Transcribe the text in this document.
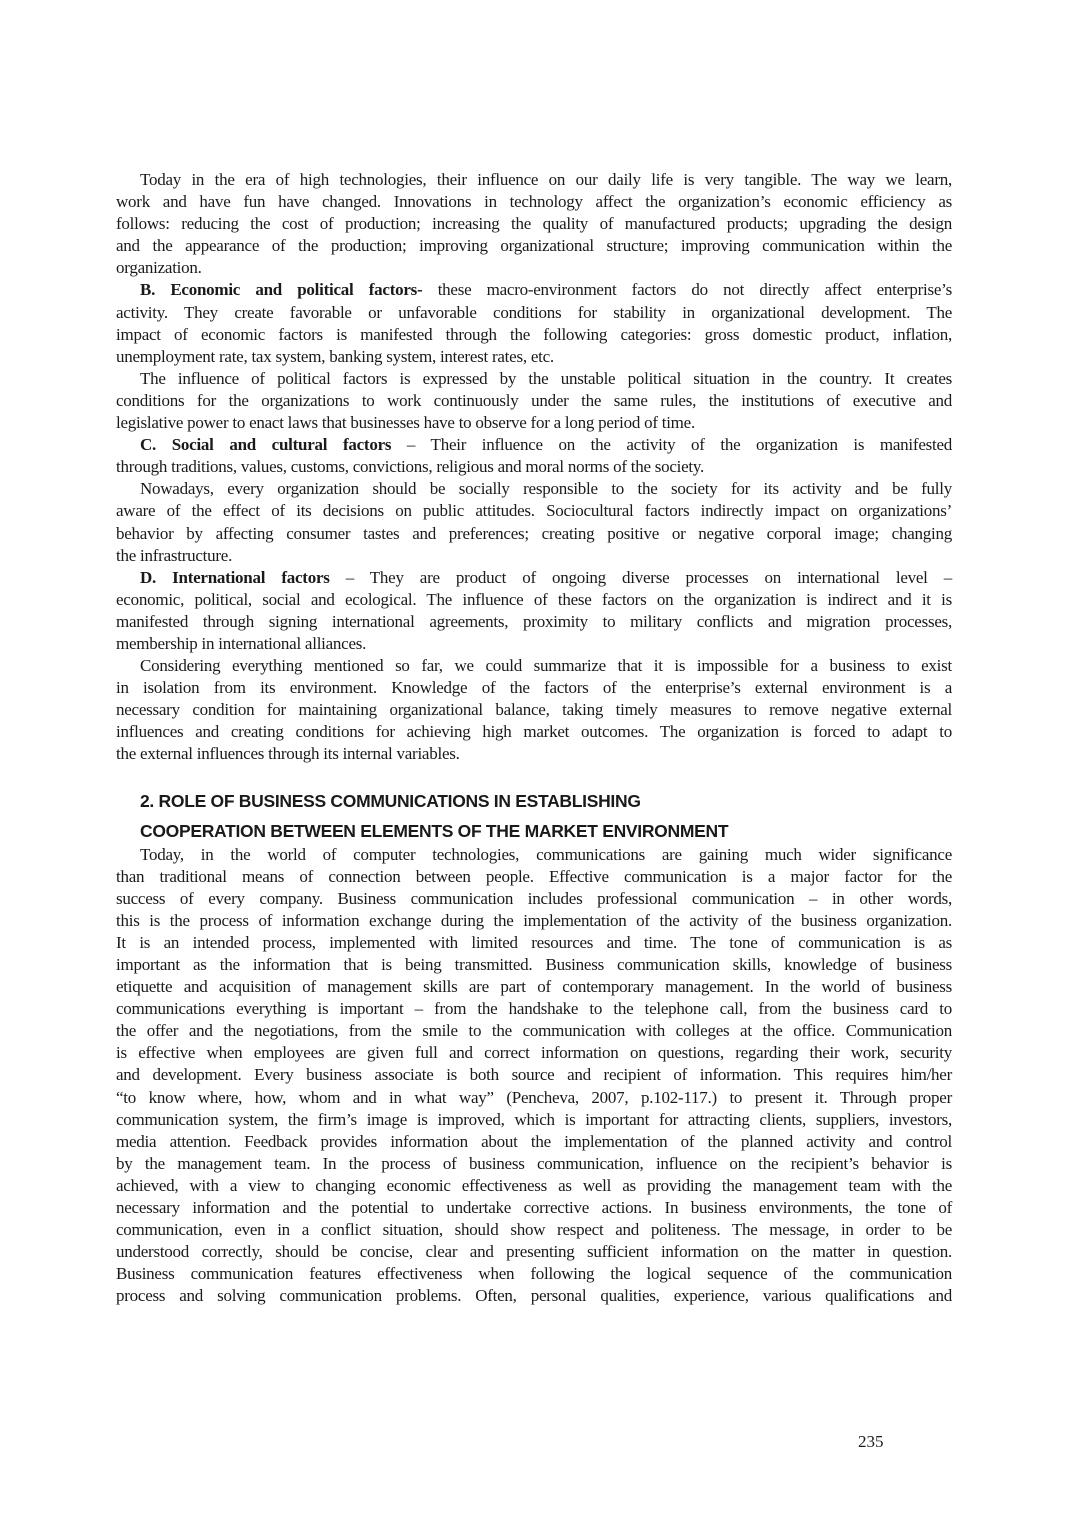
Today in the era of high technologies, their influence on our daily life is very tangible. The way we learn,
work and have fun have changed. Innovations in technology affect the organization’s economic efficiency as
follows: reducing the cost of production; increasing the quality of manufactured products; upgrading the design
and the appearance of the production; improving organizational structure; improving communication within the
organization.
B. Economic and political factors- these macro-environment factors do not directly affect enterprise’s
activity. They create favorable or unfavorable conditions for stability in organizational development. The
impact of economic factors is manifested through the following categories: gross domestic product, inflation,
unemployment rate, tax system, banking system, interest rates, etc.
The influence of political factors is expressed by the unstable political situation in the country. It creates
conditions for the organizations to work continuously under the same rules, the institutions of executive and
legislative power to enact laws that businesses have to observe for a long period of time.
C. Social and cultural factors – Their influence on the activity of the organization is manifested
through traditions, values, customs, convictions, religious and moral norms of the society.
Nowadays, every organization should be socially responsible to the society for its activity and be fully
aware of the effect of its decisions on public attitudes. Sociocultural factors indirectly impact on organizations’
behavior by affecting consumer tastes and preferences; creating positive or negative corporal image; changing
the infrastructure.
D. International factors – They are product of ongoing diverse processes on international level –
economic, political, social and ecological. The influence of these factors on the organization is indirect and it is
manifested through signing international agreements, proximity to military conflicts and migration processes,
membership in international alliances.
Considering everything mentioned so far, we could summarize that it is impossible for a business to exist
in isolation from its environment. Knowledge of the factors of the enterprise’s external environment is a
necessary condition for maintaining organizational balance, taking timely measures to remove negative external
influences and creating conditions for achieving high market outcomes. The organization is forced to adapt to
the external influences through its internal variables.
2. ROLE OF BUSINESS COMMUNICATIONS IN ESTABLISHING
COOPERATION BETWEEN ELEMENTS OF THE MARKET ENVIRONMENT
Today, in the world of computer technologies, communications are gaining much wider significance
than traditional means of connection between people. Effective communication is a major factor for the
success of every company. Business communication includes professional communication – in other words,
this is the process of information exchange during the implementation of the activity of the business organization.
It is an intended process, implemented with limited resources and time. The tone of communication is as
important as the information that is being transmitted. Business communication skills, knowledge of business
etiquette and acquisition of management skills are part of contemporary management. In the world of business
communications everything is important – from the handshake to the telephone call, from the business card to
the offer and the negotiations, from the smile to the communication with colleges at the office. Communication
is effective when employees are given full and correct information on questions, regarding their work, security
and development. Every business associate is both source and recipient of information. This requires him/her
“to know where, how, whom and in what way” (Pencheva, 2007, p.102-117.) to present it. Through proper
communication system, the firm’s image is improved, which is important for attracting clients, suppliers, investors,
media attention. Feedback provides information about the implementation of the planned activity and control
by the management team. In the process of business communication, influence on the recipient’s behavior is
achieved, with a view to changing economic effectiveness as well as providing the management team with the
necessary information and the potential to undertake corrective actions. In business environments, the tone of
communication, even in a conflict situation, should show respect and politeness. The message, in order to be
understood correctly, should be concise, clear and presenting sufficient information on the matter in question.
Business communication features effectiveness when following the logical sequence of the communication
process and solving communication problems. Often, personal qualities, experience, various qualifications and
235
